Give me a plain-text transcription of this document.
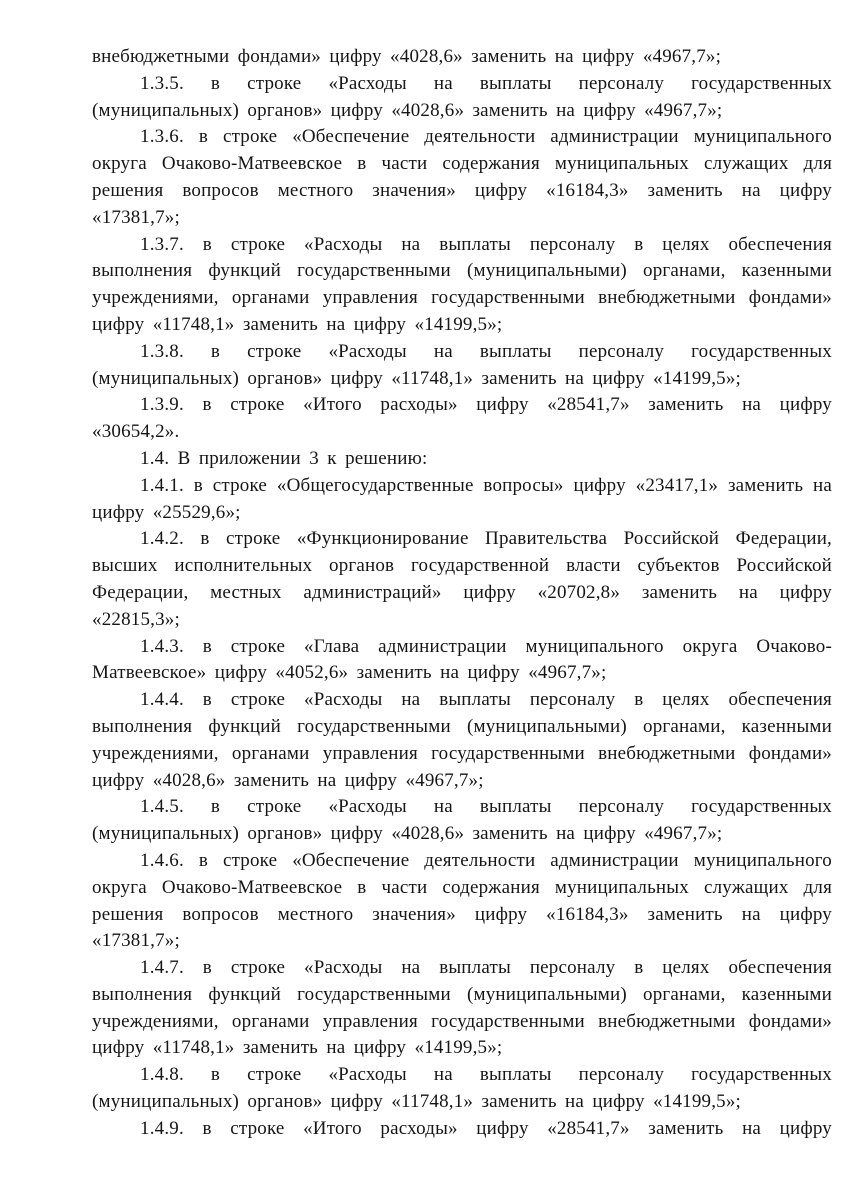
внебюджетными фондами» цифру «4028,6» заменить на цифру «4967,7»;

1.3.5. в строке «Расходы на выплаты персоналу государственных (муниципальных) органов» цифру «4028,6» заменить на цифру «4967,7»;

1.3.6. в строке «Обеспечение деятельности администрации муниципального округа Очаково-Матвеевское в части содержания муниципальных служащих для решения вопросов местного значения» цифру «16184,3» заменить на цифру «17381,7»;

1.3.7. в строке «Расходы на выплаты персоналу в целях обеспечения выполнения функций государственными (муниципальными) органами, казенными учреждениями, органами управления государственными внебюджетными фондами» цифру «11748,1» заменить на цифру «14199,5»;

1.3.8. в строке «Расходы на выплаты персоналу государственных (муниципальных) органов» цифру «11748,1» заменить на цифру «14199,5»;

1.3.9. в строке «Итого расходы» цифру «28541,7» заменить на цифру «30654,2».

1.4. В приложении 3 к решению:

1.4.1. в строке «Общегосударственные вопросы» цифру «23417,1» заменить на цифру «25529,6»;

1.4.2. в строке «Функционирование Правительства Российской Федерации, высших исполнительных органов государственной власти субъектов Российской Федерации, местных администраций» цифру «20702,8» заменить на цифру «22815,3»;

1.4.3. в строке «Глава администрации муниципального округа Очаково-Матвеевское» цифру «4052,6» заменить на цифру «4967,7»;

1.4.4. в строке «Расходы на выплаты персоналу в целях обеспечения выполнения функций государственными (муниципальными) органами, казенными учреждениями, органами управления государственными внебюджетными фондами» цифру «4028,6» заменить на цифру «4967,7»;

1.4.5. в строке «Расходы на выплаты персоналу государственных (муниципальных) органов» цифру «4028,6» заменить на цифру «4967,7»;

1.4.6. в строке «Обеспечение деятельности администрации муниципального округа Очаково-Матвеевское в части содержания муниципальных служащих для решения вопросов местного значения» цифру «16184,3» заменить на цифру «17381,7»;

1.4.7. в строке «Расходы на выплаты персоналу в целях обеспечения выполнения функций государственными (муниципальными) органами, казенными учреждениями, органами управления государственными внебюджетными фондами» цифру «11748,1» заменить на цифру «14199,5»;

1.4.8. в строке «Расходы на выплаты персоналу государственных (муниципальных) органов» цифру «11748,1» заменить на цифру «14199,5»;

1.4.9. в строке «Итого расходы» цифру «28541,7» заменить на цифру
